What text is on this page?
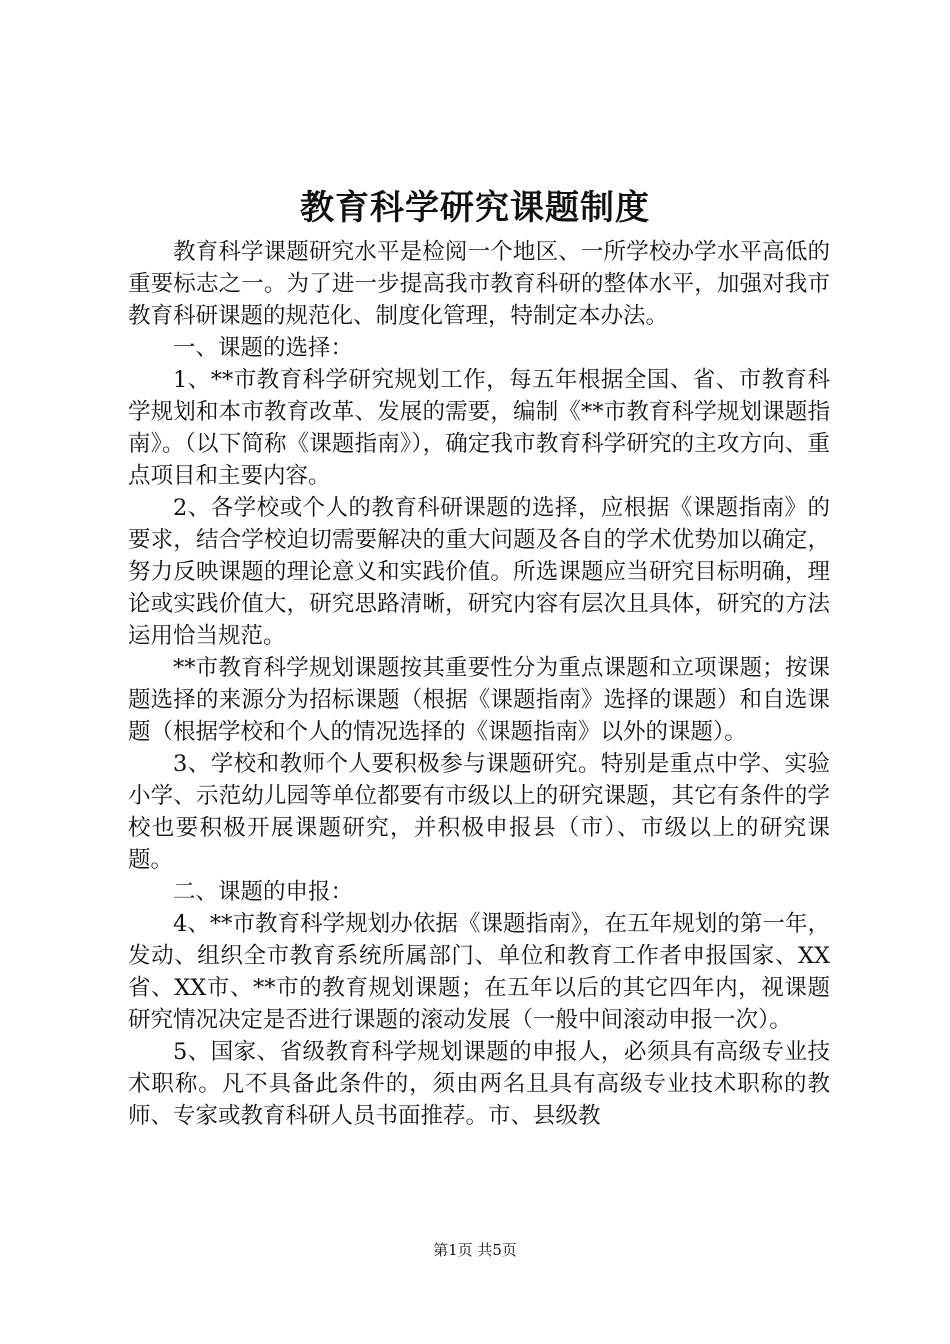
教育科学研究课题制度

教育科学课题研究水平是检阅一个地区、一所学校办学水平高低的重要标志之一。为了进一步提高我市教育科研的整体水平，加强对我市教育科研课题的规范化、制度化管理，特制定本办法。

一、课题的选择：

1、**市教育科学研究规划工作，每五年根据全国、省、市教育科学规划和本市教育改革、发展的需要，编制《**市教育科学规划课题指南》。（以下简称《课题指南》），确定我市教育科学研究的主攻方向、重点项目和主要内容。

2、各学校或个人的教育科研课题的选择，应根据《课题指南》的要求，结合学校迫切需要解决的重大问题及各自的学术优势加以确定，努力反映课题的理论意义和实践价值。所选课题应当研究目标明确，理论或实践价值大，研究思路清晰，研究内容有层次且具体，研究的方法运用恰当规范。

**市教育科学规划课题按其重要性分为重点课题和立项课题；按课题选择的来源分为招标课题（根据《课题指南》选择的课题）和自选课题（根据学校和个人的情况选择的《课题指南》以外的课题）。

3、学校和教师个人要积极参与课题研究。特别是重点中学、实验小学、示范幼儿园等单位都要有市级以上的研究课题，其它有条件的学校也要积极开展课题研究，并积极申报县（市）、市级以上的研究课题。

二、课题的申报：

4、**市教育科学规划办依据《课题指南》，在五年规划的第一年，发动、组织全市教育系统所属部门、单位和教育工作者申报国家、XX省、XX市、**市的教育规划课题；在五年以后的其它四年内，视课题研究情况决定是否进行课题的滚动发展（一般中间滚动申报一次）。

5、国家、省级教育科学规划课题的申报人，必须具有高级专业技术职称。凡不具备此条件的，须由两名且具有高级专业技术职称的教师、专家或教育科研人员书面推荐。市、县级教

第1页 共5页
